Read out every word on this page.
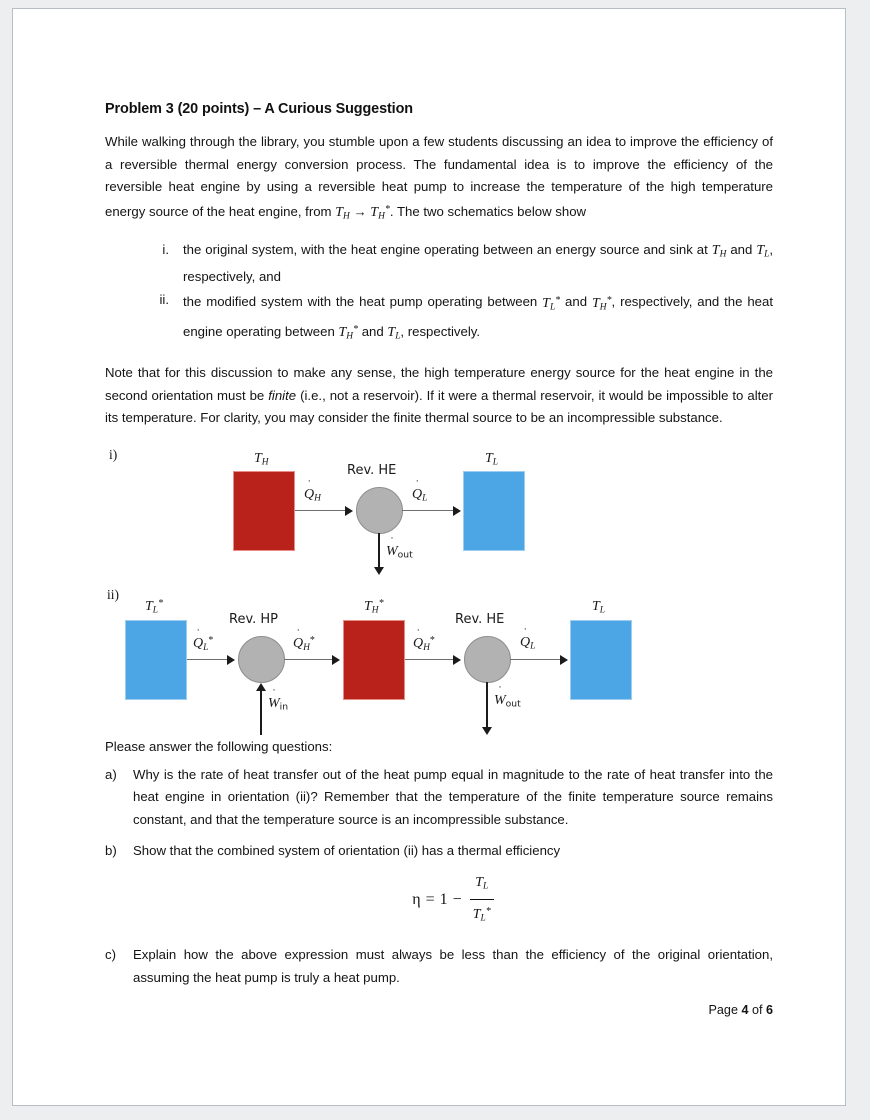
Problem 3 (20 points) – A Curious Suggestion

While walking through the library, you stumble upon a few students discussing an idea to improve the efficiency of a reversible thermal energy conversion process. The fundamental idea is to improve the efficiency of the reversible heat engine by using a reversible heat pump to increase the temperature of the high temperature energy source of the heat engine, from $T_H \to T_H^*$. The two schematics below show

i. the original system, with the heat engine operating between an energy source and sink at $T_H$ and $T_L$, respectively, and
ii. the modified system with the heat pump operating between $T_L^*$ and $T_H^*$, respectively, and the heat engine operating between $T_H^*$ and $T_L$, respectively.

Note that for this discussion to make any sense, the high temperature energy source for the heat engine in the second orientation must be finite (i.e., not a reservoir). If it were a thermal reservoir, it would be impossible to alter its temperature. For clarity, you may consider the finite thermal source to be an incompressible substance.

i)	$T_H$
Q
˙
$_H$
Rev. HE
Q
˙
$_L$
$T_L$
W
˙
$_{out}$
ii)
$T_L^*$
Q
˙
$_L$*
Rev. HP
W
˙
$_{in}$
Q
˙
$_H$*
$T_H^*$
Q
˙
$_H$*
Rev. HE
W
˙
$_{out}$
Q
˙
$_L$
$T_L$

Please answer the following questions:

a) Why is the rate of heat transfer out of the heat pump equal in magnitude to the rate of heat transfer into the heat engine in orientation (ii)? Remember that the temperature of the finite temperature source remains constant, and that the temperature source is an incompressible substance.
b) Show that the combined system of orientation (ii) has a thermal efficiency
$\eta = 1 - \frac{T_L}{T_L^*}$
c) Explain how the above expression must always be less than the efficiency of the original orientation, assuming the heat pump is truly a heat pump.
Page 4 of 6
